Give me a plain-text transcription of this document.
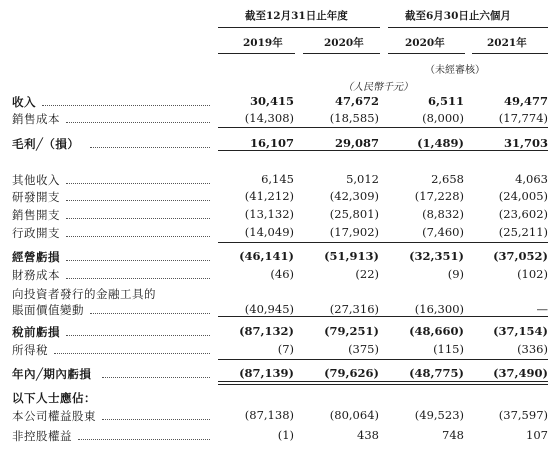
截至12月31日止年度	截至6月30日止六個月
2019年	2020年	2020年	2021年
（未經審核）
（人民幣千元）
收入	30,415	47,672	6,511	49,477
銷售成本	(14,308)	(18,585)	(8,000)	(17,774)
毛利╱（損）	16,107	29,087	(1,489)	31,703
其他收入	6,145	5,012	2,658	4,063
研發開支	(41,212)	(42,309)	(17,228)	(24,005)
銷售開支	(13,132)	(25,801)	(8,832)	(23,602)
行政開支	(14,049)	(17,902)	(7,460)	(25,211)
經營虧損	(46,141)	(51,913)	(32,351)	(37,052)
財務成本	(46)	(22)	(9)	(102)
向投資者發行的金融工具的
賬面價值變動	(40,945)	(27,316)	(16,300)	—
稅前虧損	(87,132)	(79,251)	(48,660)	(37,154)
所得稅	(7)	(375)	(115)	(336)
年內╱期內虧損	(87,139)	(79,626)	(48,775)	(37,490)
以下人士應佔：
本公司權益股東	(87,138)	(80,064)	(49,523)	(37,597)
非控股權益	(1)	438	748	107
